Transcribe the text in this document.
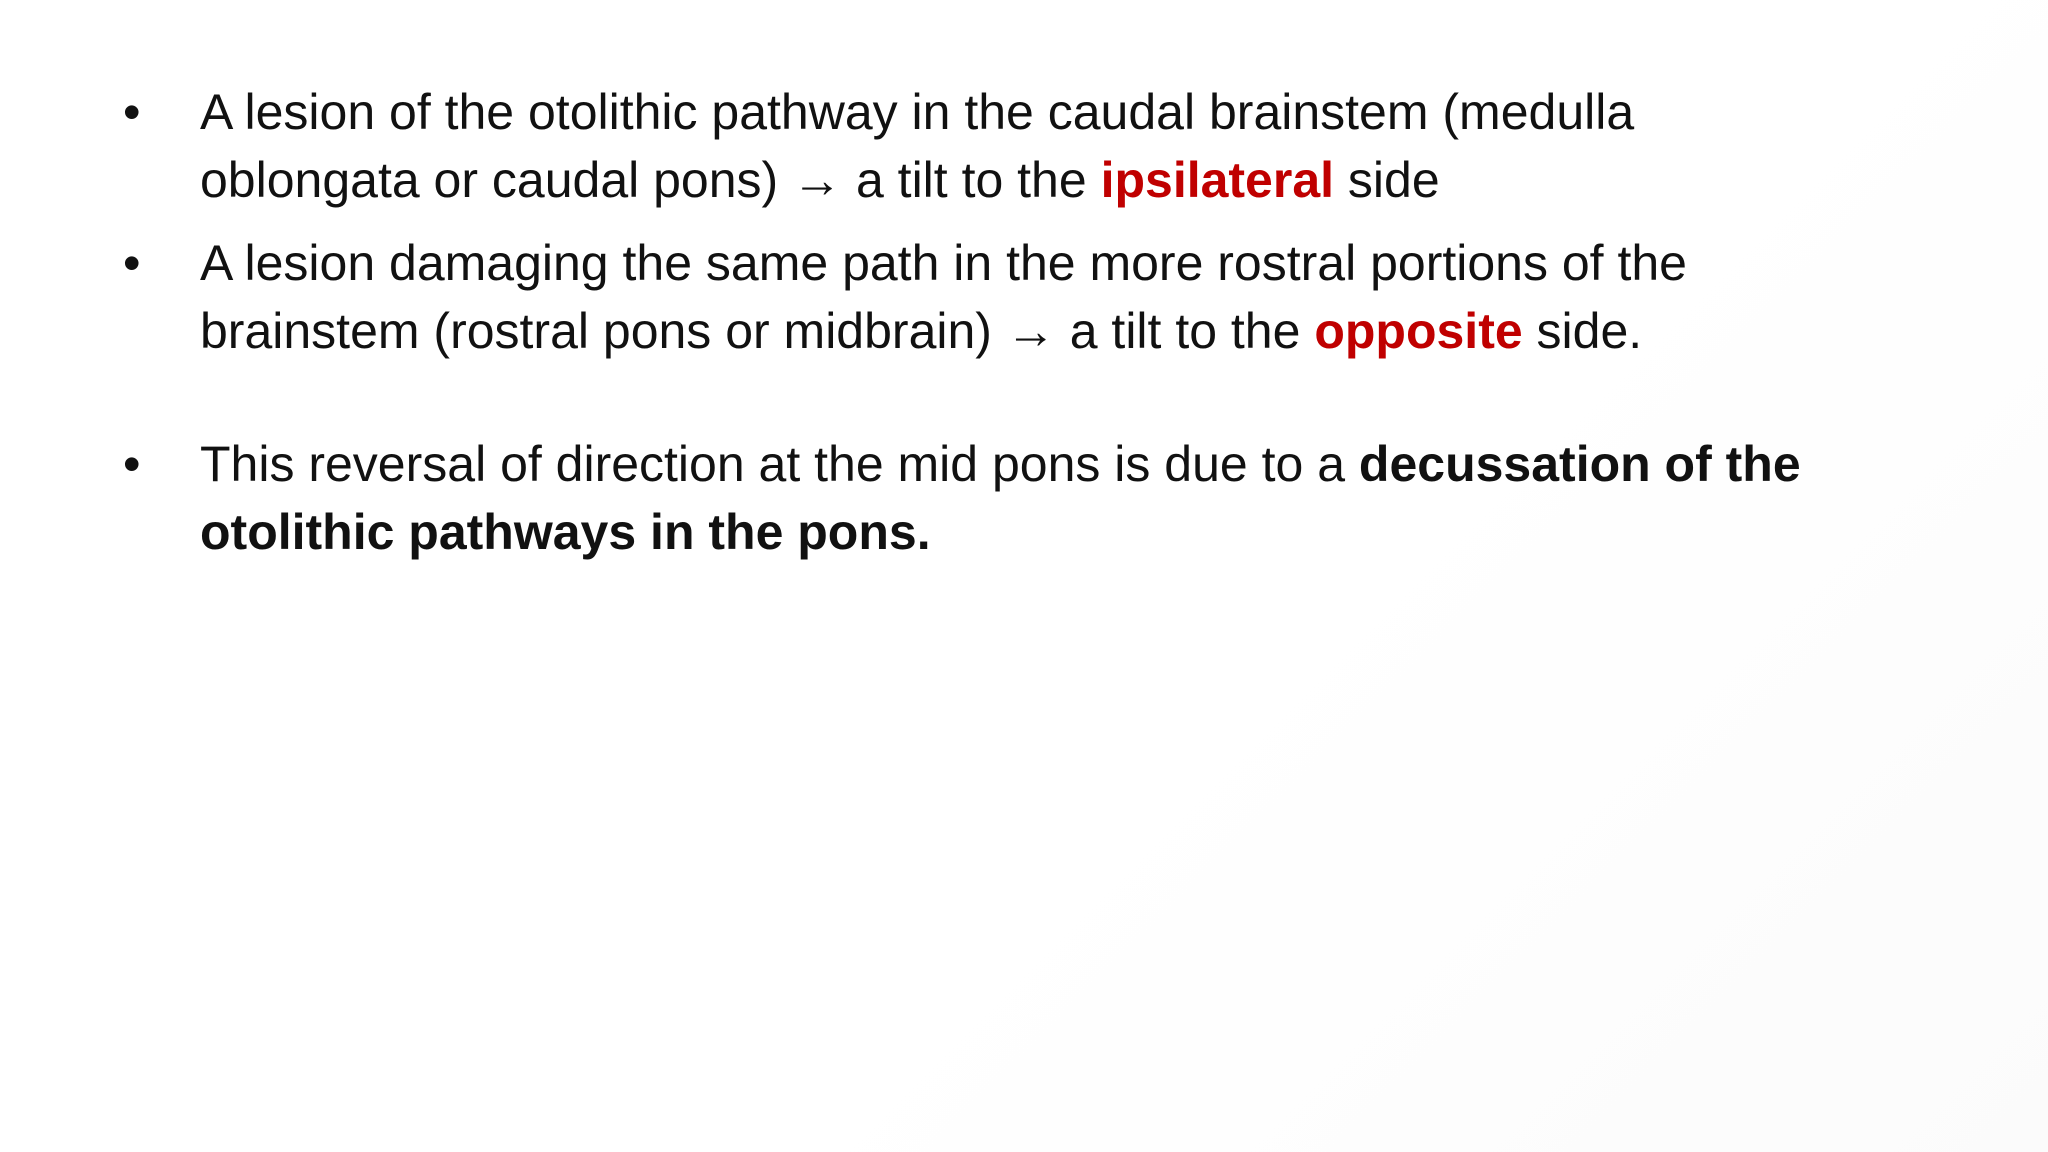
•	A lesion of the otolithic pathway in the caudal brainstem (medulla
oblongata or caudal pons) → a tilt to the ipsilateral side
•	A lesion damaging the same path in the more rostral portions of the
brainstem (rostral pons or midbrain) → a tilt to the opposite side.
•	This reversal of direction at the mid pons is due to a decussation of the
otolithic pathways in the pons.
